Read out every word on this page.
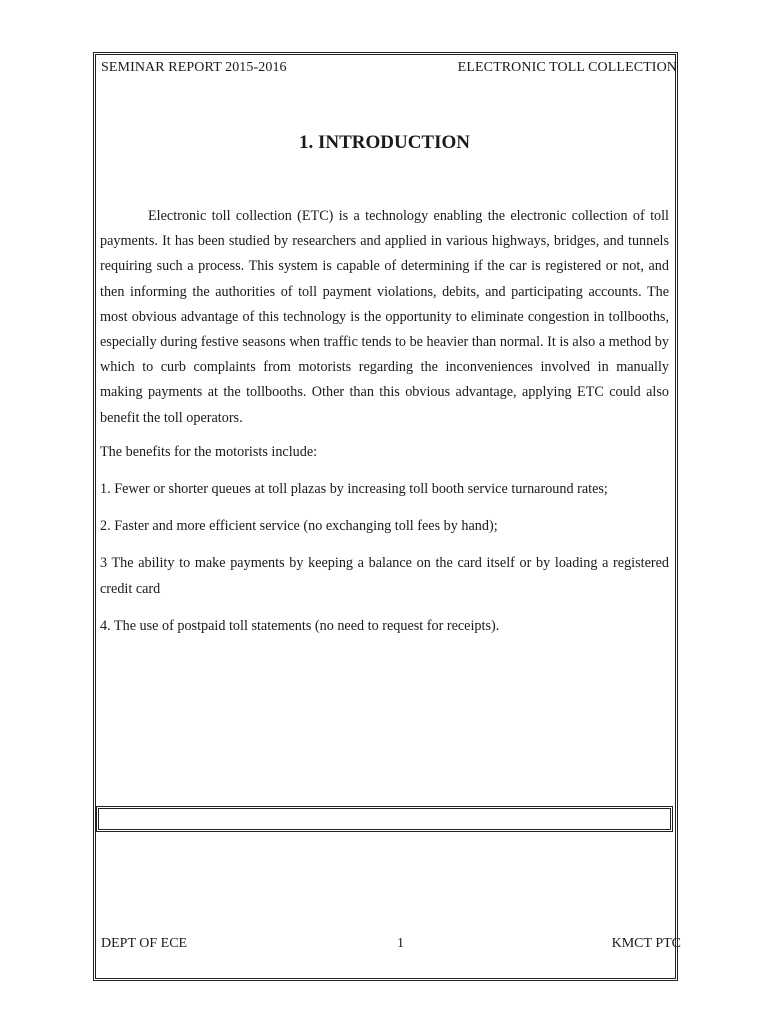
SEMINAR REPORT 2015-2016	ELECTRONIC TOLL COLLECTION
1. INTRODUCTION

Electronic toll collection (ETC) is a technology enabling the electronic collection of toll payments. It has been studied by researchers and applied in various highways, bridges, and tunnels requiring such a process. This system is capable of determining if the car is registered or not, and then informing the authorities of toll payment violations, debits, and participating accounts. The most obvious advantage of this technology is the opportunity to eliminate congestion in tollbooths, especially during festive seasons when traffic tends to be heavier than normal. It is also a method by which to curb complaints from motorists regarding the inconveniences involved in manually making payments at the tollbooths. Other than this obvious advantage, applying ETC could also benefit the toll operators.

The benefits for the motorists include:

1. Fewer or shorter queues at toll plazas by increasing toll booth service turnaround rates;

2. Faster and more efficient service (no exchanging toll fees by hand);

3 The ability to make payments by keeping a balance on the card itself or by loading a registered credit card

4. The use of postpaid toll statements (no need to request for receipts).

DEPT OF ECE	1	KMCT PTC
